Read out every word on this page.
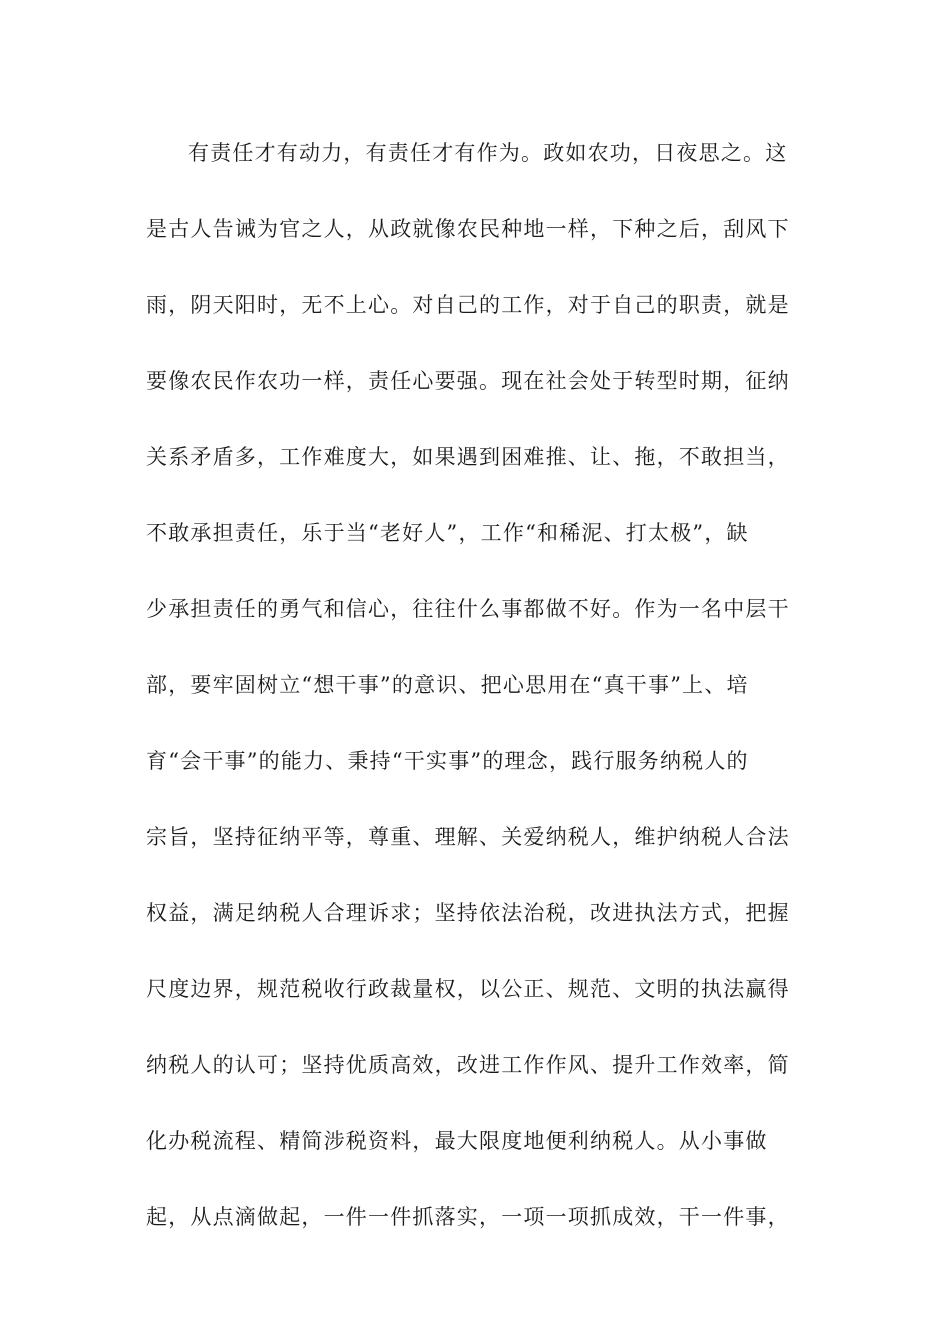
有责任才有动力，有责任才有作为。政如农功，日夜思之。这
是古人告诫为官之人，从政就像农民种地一样，下种之后，刮风下
雨，阴天阳时，无不上心。对自己的工作，对于自己的职责，就是
要像农民作农功一样，责任心要强。现在社会处于转型时期，征纳
关系矛盾多，工作难度大，如果遇到困难推、让、拖，不敢担当，
不敢承担责任，乐于当“老好人”，工作“和稀泥、打太极”，缺
少承担责任的勇气和信心，往往什么事都做不好。作为一名中层干
部，要牢固树立“想干事”的意识、把心思用在“真干事”上、培
育“会干事”的能力、秉持“干实事”的理念，践行服务纳税人的
宗旨，坚持征纳平等，尊重、理解、关爱纳税人，维护纳税人合法
权益，满足纳税人合理诉求；坚持依法治税，改进执法方式，把握
尺度边界，规范税收行政裁量权，以公正、规范、文明的执法赢得
纳税人的认可；坚持优质高效，改进工作作风、提升工作效率，简
化办税流程、精简涉税资料，最大限度地便利纳税人。从小事做
起，从点滴做起，一件一件抓落实，一项一项抓成效，干一件事，
